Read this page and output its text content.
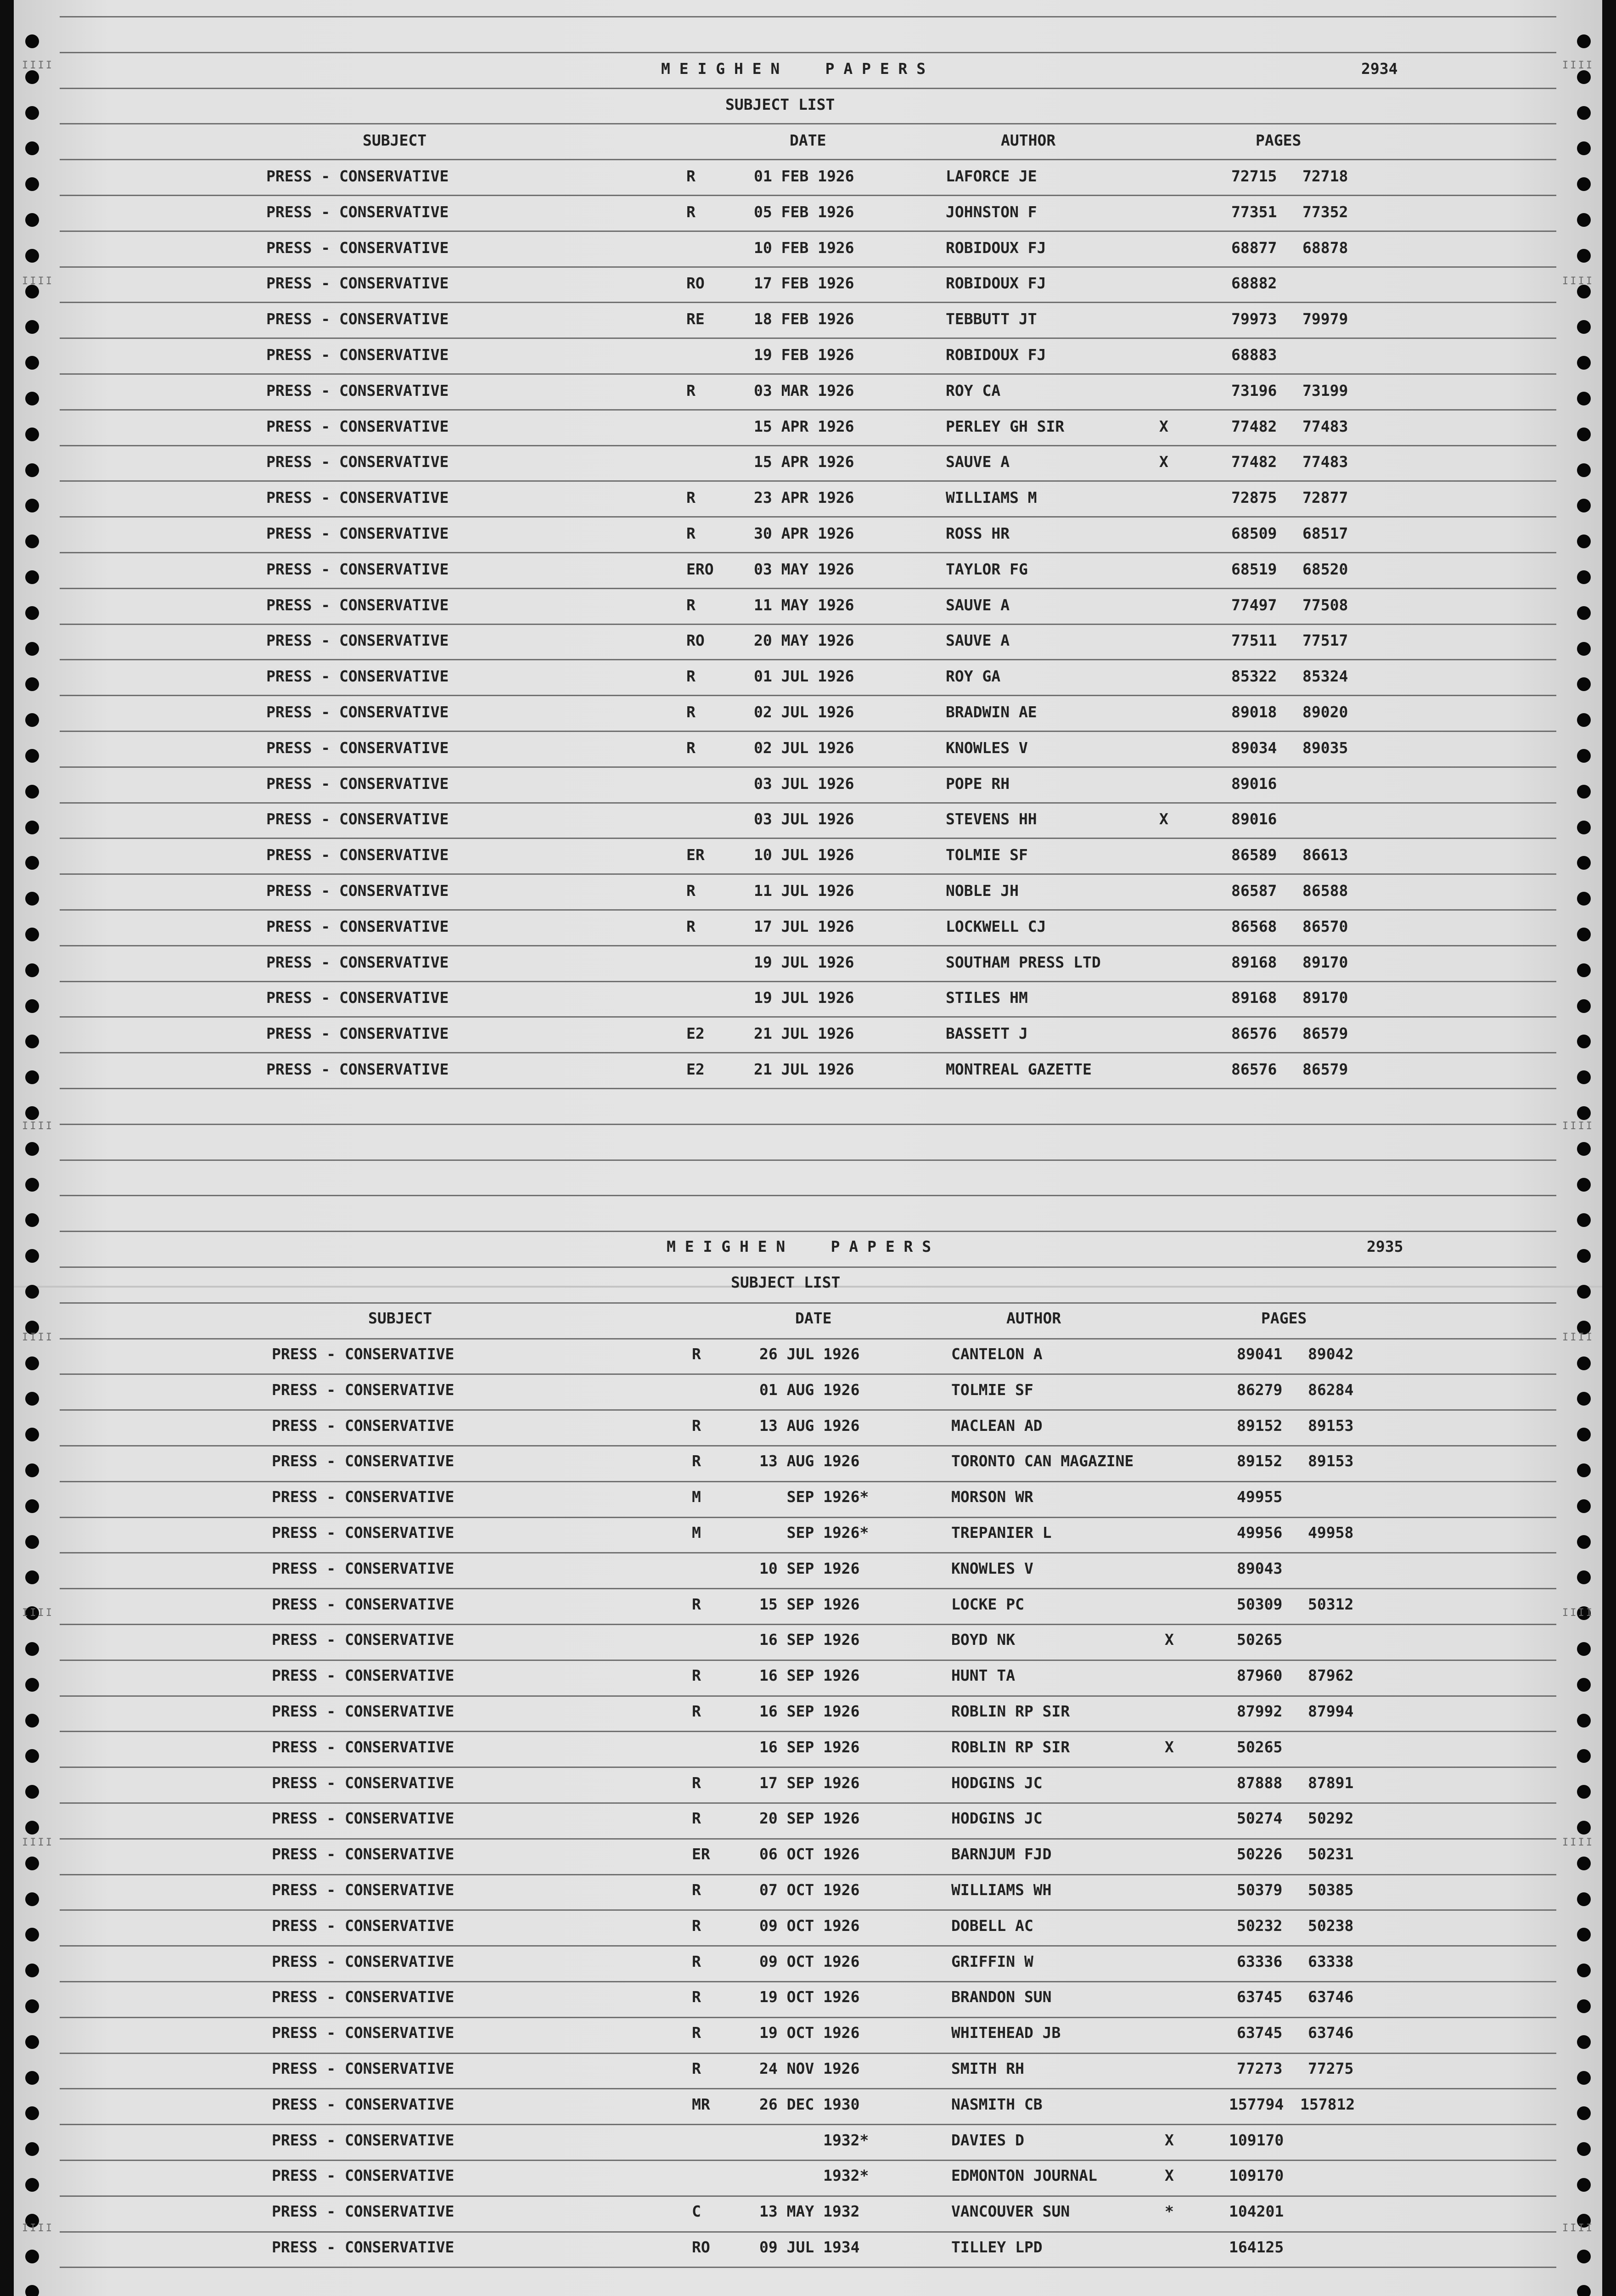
M E I G H E N     P A P E R S	2934
SUBJECT LIST
SUBJECT	DATE	AUTHOR	PAGES
PRESS - CONSERVATIVE	R	01 FEB 1926	LAFORCE JE	72715 72718
PRESS - CONSERVATIVE	R	05 FEB 1926	JOHNSTON F	77351 77352
PRESS - CONSERVATIVE	10 FEB 1926	ROBIDOUX FJ	68877 68878
PRESS - CONSERVATIVE	RO	17 FEB 1926	ROBIDOUX FJ	68882
PRESS - CONSERVATIVE	RE	18 FEB 1926	TEBBUTT JT	79973 79979
PRESS - CONSERVATIVE	19 FEB 1926	ROBIDOUX FJ	68883
PRESS - CONSERVATIVE	R	03 MAR 1926	ROY CA	73196 73199
PRESS - CONSERVATIVE	15 APR 1926	PERLEY GH SIR	X	77482 77483
PRESS - CONSERVATIVE	15 APR 1926	SAUVE A	X	77482 77483
PRESS - CONSERVATIVE	R	23 APR 1926	WILLIAMS M	72875 72877
PRESS - CONSERVATIVE	R	30 APR 1926	ROSS HR	68509 68517
PRESS - CONSERVATIVE	ERO	03 MAY 1926	TAYLOR FG	68519 68520
PRESS - CONSERVATIVE	R	11 MAY 1926	SAUVE A	77497 77508
PRESS - CONSERVATIVE	RO	20 MAY 1926	SAUVE A	77511 77517
PRESS - CONSERVATIVE	R	01 JUL 1926	ROY GA	85322 85324
PRESS - CONSERVATIVE	R	02 JUL 1926	BRADWIN AE	89018 89020
PRESS - CONSERVATIVE	R	02 JUL 1926	KNOWLES V	89034 89035
PRESS - CONSERVATIVE	03 JUL 1926	POPE RH	89016
PRESS - CONSERVATIVE	03 JUL 1926	STEVENS HH	X	89016
PRESS - CONSERVATIVE	ER	10 JUL 1926	TOLMIE SF	86589 86613
PRESS - CONSERVATIVE	R	11 JUL 1926	NOBLE JH	86587 86588
PRESS - CONSERVATIVE	R	17 JUL 1926	LOCKWELL CJ	86568 86570
PRESS - CONSERVATIVE	19 JUL 1926	SOUTHAM PRESS LTD	89168 89170
PRESS - CONSERVATIVE	19 JUL 1926	STILES HM	89168 89170
PRESS - CONSERVATIVE	E2	21 JUL 1926	BASSETT J	86576 86579
PRESS - CONSERVATIVE	E2	21 JUL 1926	MONTREAL GAZETTE	86576 86579
M E I G H E N     P A P E R S	2935
SUBJECT LIST
SUBJECT	DATE	AUTHOR	PAGES
PRESS - CONSERVATIVE	R	26 JUL 1926	CANTELON A	89041 89042
PRESS - CONSERVATIVE	01 AUG 1926	TOLMIE SF	86279 86284
PRESS - CONSERVATIVE	R	13 AUG 1926	MACLEAN AD	89152 89153
PRESS - CONSERVATIVE	R	13 AUG 1926	TORONTO CAN MAGAZINE	89152 89153
PRESS - CONSERVATIVE	M	SEP 1926*	MORSON WR	49955
PRESS - CONSERVATIVE	M	SEP 1926*	TREPANIER L	49956 49958
PRESS - CONSERVATIVE	10 SEP 1926	KNOWLES V	89043
PRESS - CONSERVATIVE	R	15 SEP 1926	LOCKE PC	50309 50312
PRESS - CONSERVATIVE	16 SEP 1926	BOYD NK	X	50265
PRESS - CONSERVATIVE	R	16 SEP 1926	HUNT TA	87960 87962
PRESS - CONSERVATIVE	R	16 SEP 1926	ROBLIN RP SIR	87992 87994
PRESS - CONSERVATIVE	16 SEP 1926	ROBLIN RP SIR	X	50265
PRESS - CONSERVATIVE	R	17 SEP 1926	HODGINS JC	87888 87891
PRESS - CONSERVATIVE	R	20 SEP 1926	HODGINS JC	50274 50292
PRESS - CONSERVATIVE	ER	06 OCT 1926	BARNJUM FJD	50226 50231
PRESS - CONSERVATIVE	R	07 OCT 1926	WILLIAMS WH	50379 50385
PRESS - CONSERVATIVE	R	09 OCT 1926	DOBELL AC	50232 50238
PRESS - CONSERVATIVE	R	09 OCT 1926	GRIFFIN W	63336 63338
PRESS - CONSERVATIVE	R	19 OCT 1926	BRANDON SUN	63745 63746
PRESS - CONSERVATIVE	R	19 OCT 1926	WHITEHEAD JB	63745 63746
PRESS - CONSERVATIVE	R	24 NOV 1926	SMITH RH	77273 77275
PRESS - CONSERVATIVE	MR	26 DEC 1930	NASMITH CB	157794 157812
PRESS - CONSERVATIVE	1932*	DAVIES D	X	109170
PRESS - CONSERVATIVE	1932*	EDMONTON JOURNAL	X	109170
PRESS - CONSERVATIVE	C	13 MAY 1932	VANCOUVER SUN	*	104201
PRESS - CONSERVATIVE	RO	09 JUL 1934	TILLEY LPD	164125
IIII	IIII
IIII	IIII
IIII	IIII
IIII	IIII
IIII	IIII
IIII	IIII
IIII	IIII
